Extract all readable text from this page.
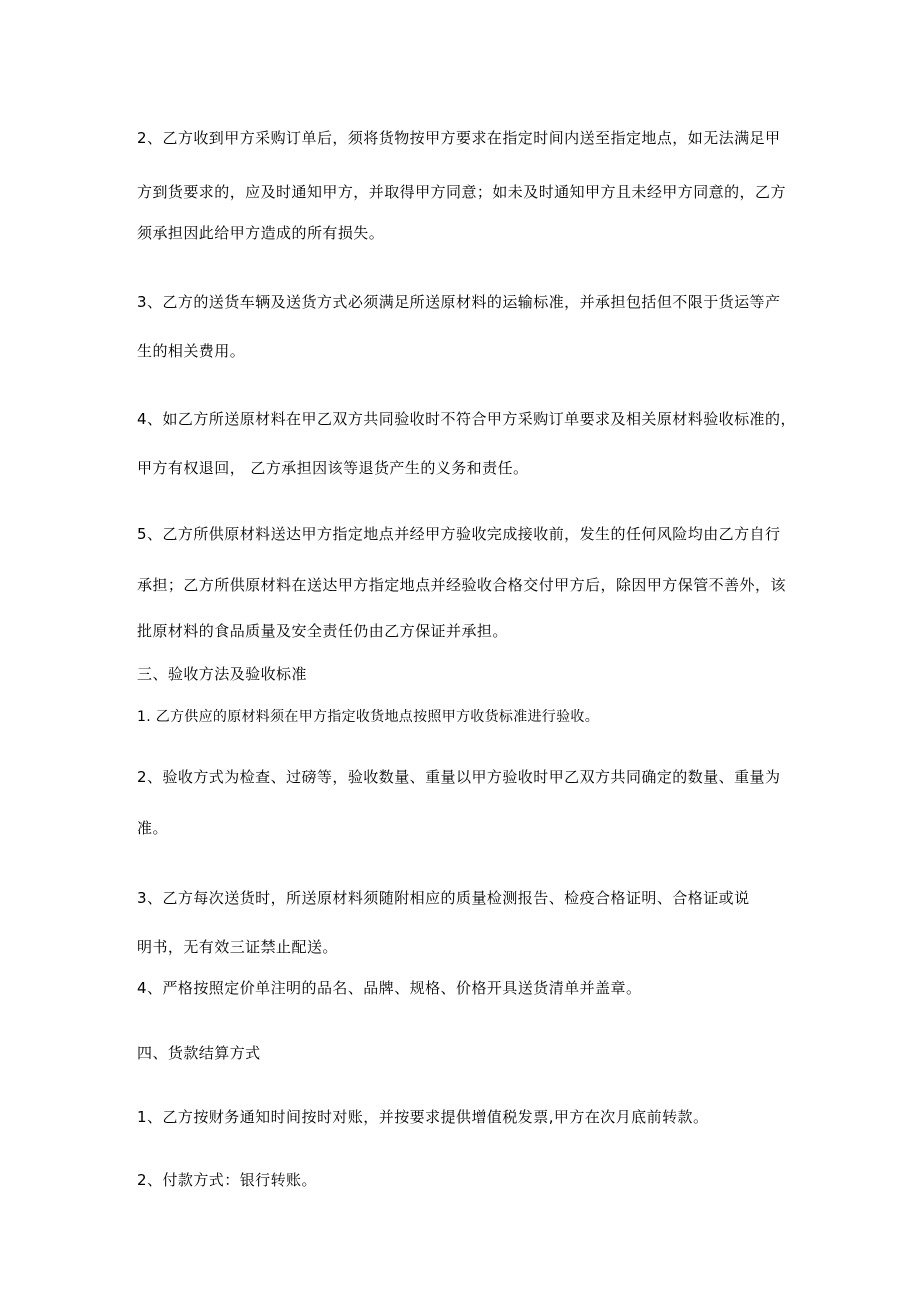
2、乙方收到甲方采购订单后，须将货物按甲方要求在指定时间内送至指定地点，如无法满足甲
方到货要求的，应及时通知甲方，并取得甲方同意；如未及时通知甲方且未经甲方同意的，乙方
须承担因此给甲方造成的所有损失。
3、乙方的送货车辆及送货方式必须满足所送原材料的运输标准，并承担包括但不限于货运等产
生的相关费用。
4、如乙方所送原材料在甲乙双方共同验收时不符合甲方采购订单要求及相关原材料验收标准的，
甲方有权退回， 乙方承担因该等退货产生的义务和责任。
5、乙方所供原材料送达甲方指定地点并经甲方验收完成接收前，发生的任何风险均由乙方自行
承担；乙方所供原材料在送达甲方指定地点并经验收合格交付甲方后，除因甲方保管不善外，该
批原材料的食品质量及安全责任仍由乙方保证并承担。
三、验收方法及验收标准
1. 乙方供应的原材料须在甲方指定收货地点按照甲方收货标准进行验收。
2、验收方式为检查、过磅等，验收数量、重量以甲方验收时甲乙双方共同确定的数量、重量为
准。
3、乙方每次送货时，所送原材料须随附相应的质量检测报告、检疫合格证明、合格证或说
明书，无有效三证禁止配送。
4、严格按照定价单注明的品名、品牌、规格、价格开具送货清单并盖章。
四、货款结算方式
1、乙方按财务通知时间按时对账，并按要求提供增值税发票,甲方在次月底前转款。
2、付款方式：银行转账。
